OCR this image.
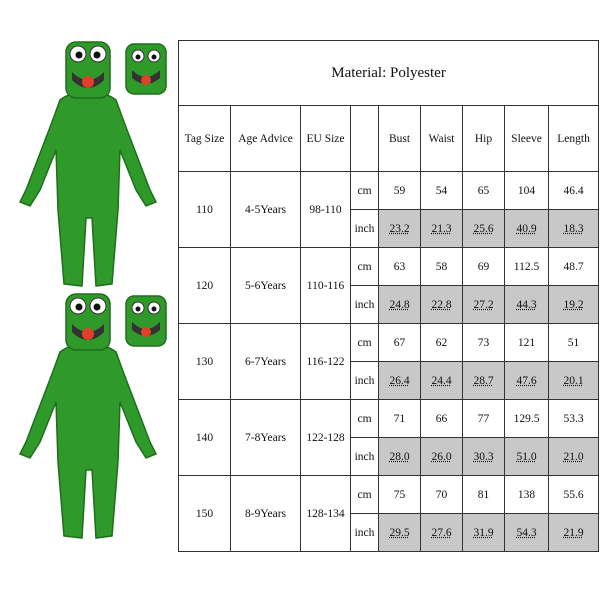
Material: Polyester								
Tag Size	Age Advice	EU Size		Bust	Waist	Hip	Sleeve	Length
110	4-5Years	98-110	cm	59	54	65	104	46.4
			inch	23.2	21.3	25.6	40.9	18.3
120	5-6Years	110-116	cm	63	58	69	112.5	48.7
			inch	24.8	22.8	27.2	44.3	19.2
130	6-7Years	116-122	cm	67	62	73	121	51
			inch	26.4	24.4	28.7	47.6	20.1
140	7-8Years	122-128	cm	71	66	77	129.5	53.3
			inch	28.0	26.0	30.3	51.0	21.0
150	8-9Years	128-134	cm	75	70	81	138	55.6
			inch	29.5	27.6	31.9	54.3	21.9
